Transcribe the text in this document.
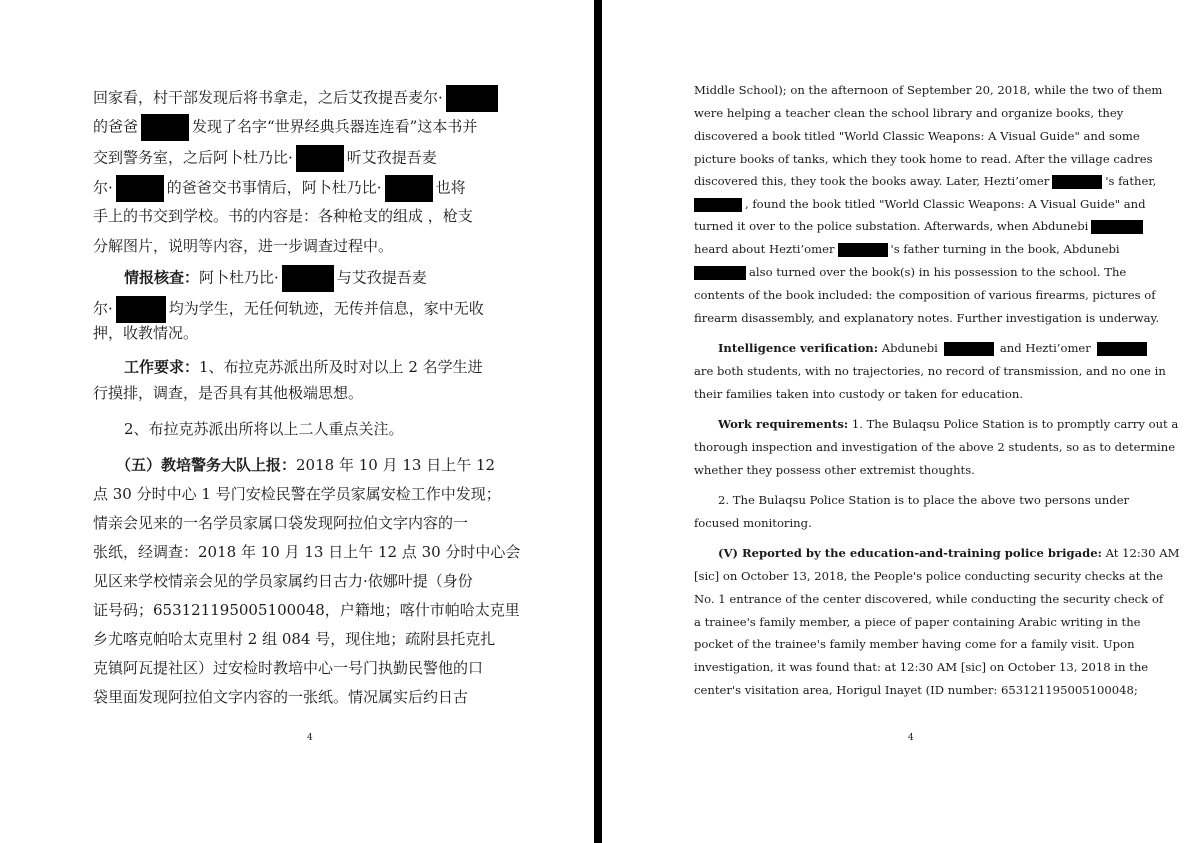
回家看，村干部发现后将书拿走，之后艾孜提吾麦尔·
的爸爸	发现了名字“世界经典兵器连连看”这本书并
交到警务室，之后阿卜杜乃比·	听艾孜提吾麦
尔·	的爸爸交书事情后，阿卜杜乃比·	也将
手上的书交到学校。书的内容是：各种枪支的组成 ，枪支
分解图片，说明等内容，进一步调查过程中。
情报核查：阿卜杜乃比·	与艾孜提吾麦
尔·	均为学生，无任何轨迹，无传并信息，家中无收
押，收教情况。
工作要求：1、布拉克苏派出所及时对以上 2 名学生进
行摸排，调查，是否具有其他极端思想。
2、布拉克苏派出所将以上二人重点关注。
（五）教培警务大队上报：2018 年 10 月 13 日上午 12
点 30 分时中心 1 号门安检民警在学员家属安检工作中发现；
情亲会见来的一名学员家属口袋发现阿拉伯文字内容的一
张纸，经调查：2018 年 10 月 13 日上午 12 点 30 分时中心会
见区来学校情亲会见的学员家属约日古力·依娜叶提（身份
证号码；653121195005100048，户籍地；喀什市帕哈太克里
乡尤喀克帕哈太克里村 2 组 084 号，现住地；疏附县托克扎
克镇阿瓦提社区）过安检时教培中心一号门执勤民警他的口
袋里面发现阿拉伯文字内容的一张纸。情况属实后约日古
4
Middle School); on the afternoon of September 20, 2018, while the two of them
were helping a teacher clean the school library and organize books, they
discovered a book titled "World Classic Weapons: A Visual Guide" and some
picture books of tanks, which they took home to read. After the village cadres
discovered this, they took the books away. Later, Hezti’omer	's father,
, found the book titled "World Classic Weapons: A Visual Guide" and
turned it over to the police substation. Afterwards, when Abdunebi
heard about Hezti’omer	's father turning in the book, Abdunebi
also turned over the book(s) in his possession to the school. The
contents of the book included: the composition of various firearms, pictures of
firearm disassembly, and explanatory notes. Further investigation is underway.
Intelligence verification: Abdunebi	and Hezti’omer
are both students, with no trajectories, no record of transmission, and no one in
their families taken into custody or taken for education.
Work requirements: 1. The Bulaqsu Police Station is to promptly carry out a
thorough inspection and investigation of the above 2 students, so as to determine
whether they possess other extremist thoughts.
2. The Bulaqsu Police Station is to place the above two persons under
focused monitoring.
(V) Reported by the education-and-training police brigade: At 12:30 AM
[sic] on October 13, 2018, the People's police conducting security checks at the
No. 1 entrance of the center discovered, while conducting the security check of
a trainee's family member, a piece of paper containing Arabic writing in the
pocket of the trainee's family member having come for a family visit. Upon
investigation, it was found that: at 12:30 AM [sic] on October 13, 2018 in the
center's visitation area, Horigul Inayet (ID number: 653121195005100048;
4
